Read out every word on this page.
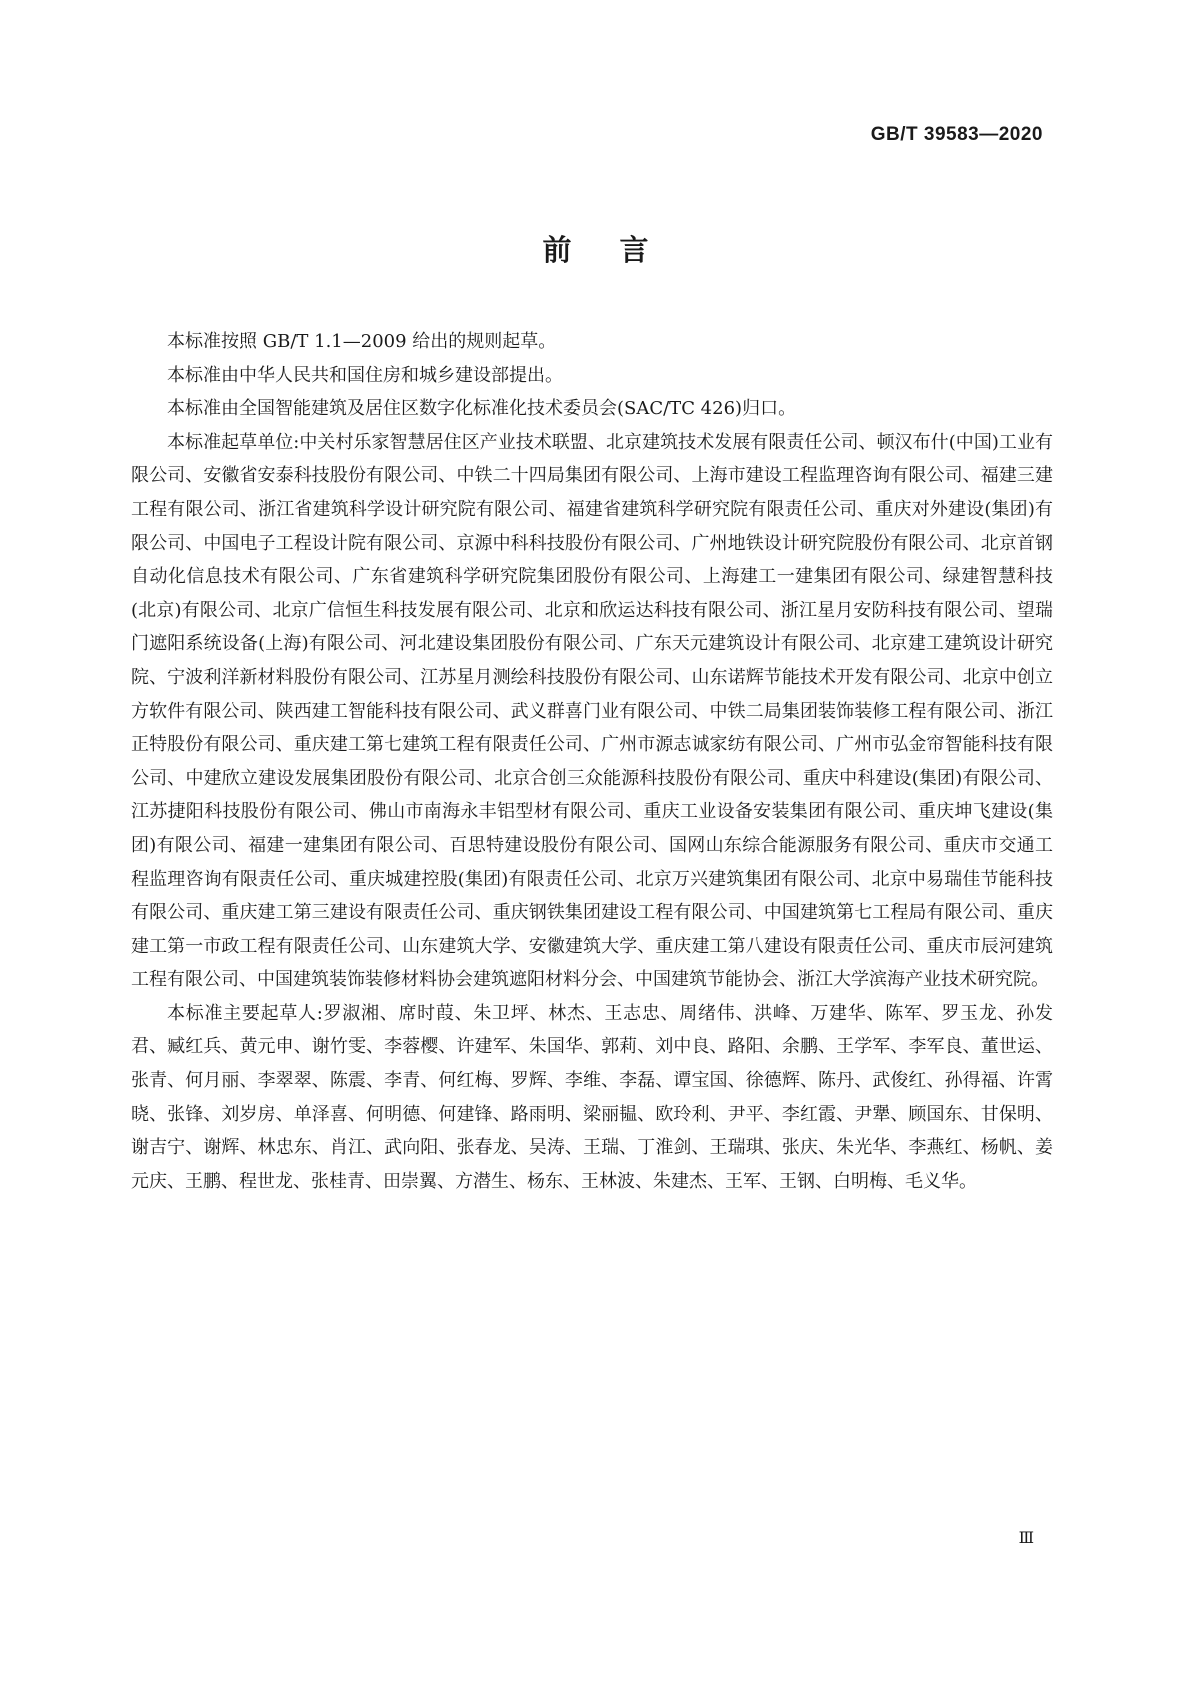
GB/T 39583—2020
前言

本标准按照 GB/T 1.1—2009 给出的规则起草。

本标准由中华人民共和国住房和城乡建设部提出。

本标准由全国智能建筑及居住区数字化标准化技术委员会(SAC/TC 426)归口。

本标准起草单位:中关村乐家智慧居住区产业技术联盟、北京建筑技术发展有限责任公司、顿汉布什(中国)工业有限公司、安徽省安泰科技股份有限公司、中铁二十四局集团有限公司、上海市建设工程监理咨询有限公司、福建三建工程有限公司、浙江省建筑科学设计研究院有限公司、福建省建筑科学研究院有限责任公司、重庆对外建设(集团)有限公司、中国电子工程设计院有限公司、京源中科科技股份有限公司、广州地铁设计研究院股份有限公司、北京首钢自动化信息技术有限公司、广东省建筑科学研究院集团股份有限公司、上海建工一建集团有限公司、绿建智慧科技(北京)有限公司、北京广信恒生科技发展有限公司、北京和欣运达科技有限公司、浙江星月安防科技有限公司、望瑞门遮阳系统设备(上海)有限公司、河北建设集团股份有限公司、广东天元建筑设计有限公司、北京建工建筑设计研究院、宁波利洋新材料股份有限公司、江苏星月测绘科技股份有限公司、山东诺辉节能技术开发有限公司、北京中创立方软件有限公司、陕西建工智能科技有限公司、武义群喜门业有限公司、中铁二局集团装饰装修工程有限公司、浙江正特股份有限公司、重庆建工第七建筑工程有限责任公司、广州市源志诚家纺有限公司、广州市弘金帘智能科技有限公司、中建欣立建设发展集团股份有限公司、北京合创三众能源科技股份有限公司、重庆中科建设(集团)有限公司、江苏捷阳科技股份有限公司、佛山市南海永丰铝型材有限公司、重庆工业设备安装集团有限公司、重庆坤飞建设(集团)有限公司、福建一建集团有限公司、百思特建设股份有限公司、国网山东综合能源服务有限公司、重庆市交通工程监理咨询有限责任公司、重庆城建控股(集团)有限责任公司、北京万兴建筑集团有限公司、北京中易瑞佳节能科技有限公司、重庆建工第三建设有限责任公司、重庆钢铁集团建设工程有限公司、中国建筑第七工程局有限公司、重庆建工第一市政工程有限责任公司、山东建筑大学、安徽建筑大学、重庆建工第八建设有限责任公司、重庆市辰河建筑工程有限公司、中国建筑装饰装修材料协会建筑遮阳材料分会、中国建筑节能协会、浙江大学滨海产业技术研究院。

本标准主要起草人:罗淑湘、席时葭、朱卫坪、林杰、王志忠、周绪伟、洪峰、万建华、陈军、罗玉龙、孙发君、臧红兵、黄元申、谢竹雯、李蓉樱、许建军、朱国华、郭莉、刘中良、路阳、余鹏、王学军、李军良、董世运、张青、何月丽、李翠翠、陈震、李青、何红梅、罗辉、李维、李磊、谭宝国、徐德辉、陈丹、武俊红、孙得福、许霄晓、张锋、刘岁房、单泽喜、何明德、何建锋、路雨明、梁丽韫、欧玲利、尹平、李红霞、尹犟、顾国东、甘保明、谢吉宁、谢辉、林忠东、肖江、武向阳、张春龙、吴涛、王瑞、丁淮剑、王瑞琪、张庆、朱光华、李燕红、杨帆、姜元庆、王鹏、程世龙、张桂青、田崇翼、方潜生、杨东、王林波、朱建杰、王军、王钢、白明梅、毛义华。

Ⅲ
